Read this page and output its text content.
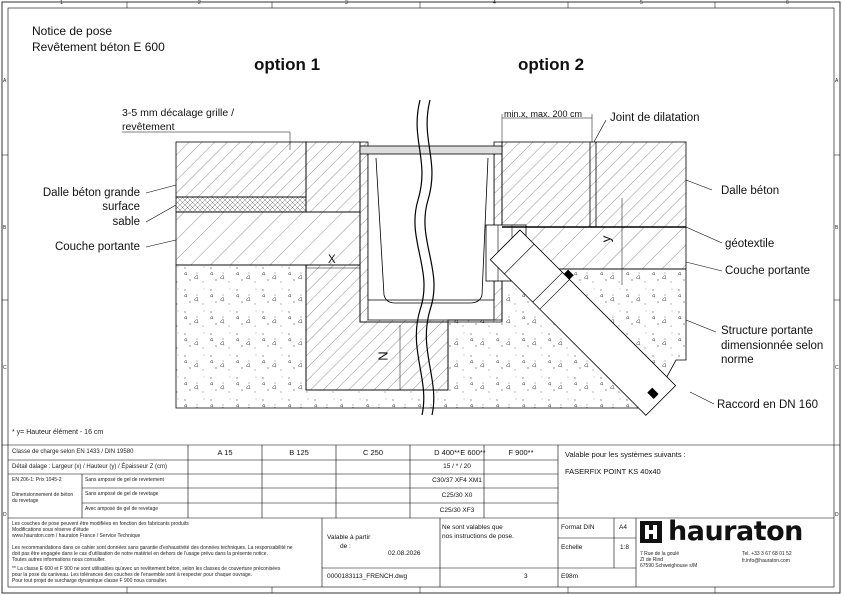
1	2	3	4	5	6
A
B
C
D
A
B
C
D
Notice de pose
Revêtement béton E 600
option 1	option 2
3-5 mm décalage grille /
revêtement
Dalle béton grande
surface
sable
Couche portante
min.x, max. 200 cm Joint de dilatation
Dalle béton
géotextile
Couche portante
Structure portante
dimensionnée selon
norme
Raccord en DN 160
X
y
N
* y= Hauteur élément - 16 cm
Classe de charge selon EN 1433 / DIN 19580	A 15	B 125	C 250	D 400** E 600**	F 900**
Détail dalage : Largeur (x) / Hauteur (y) / Épaisseur Z (cm)	15 / * / 20
EN 206-1: Prix 1045-2
Dimensionnement de béton du revetage
Sans amposé de gel de revetement	C30/37 XF4 XM1
Sans amposé de gel de revetage	C25/30 X0
Avec amposé de gel de revetage	C25/30 XF3
Valable pour les systèmes suivants :
FASERFIX POINT KS 40x40
Les couches de pose peuvent être modifiées en fonction des fabricants produits
Modifications sous réserve d'étude
www.hauraton.com / hauraton France / Service Technique
Les recommandations dans ce cahier sont données sans garantie d'exhaustivité des données techniques. La responsabilité ne
doit pas être engagée dans le cas d'utilisation de notre matériel en dehors de l'usage prévu dans la présente notice.
Toutes autres informations nous consulter.
** La classe E 600 et F 900 ne sont utilisables qu'avec un revêtement béton, selon les classes de couverture préconisées
pour la pose du caniveau. Les tolérances des couches de l'ensemble sont à respecter pour chaque ouvrage.
Pour tout projet de surcharge dynamique classe F 900 nous consulter.
Valable à partir
de :
02.08.2026
Ne sont valables que
nos instructions de pose.
0000183113_FRENCH.dwg	3
Format DIN	A4
Echelle	1:8
E98m
hauraton
7 Rue de la goulé
ZI de Rind
67590 Schweighouse s/M
Tel. +33 3 67 68 01 52
fr.info@hauraton.com
